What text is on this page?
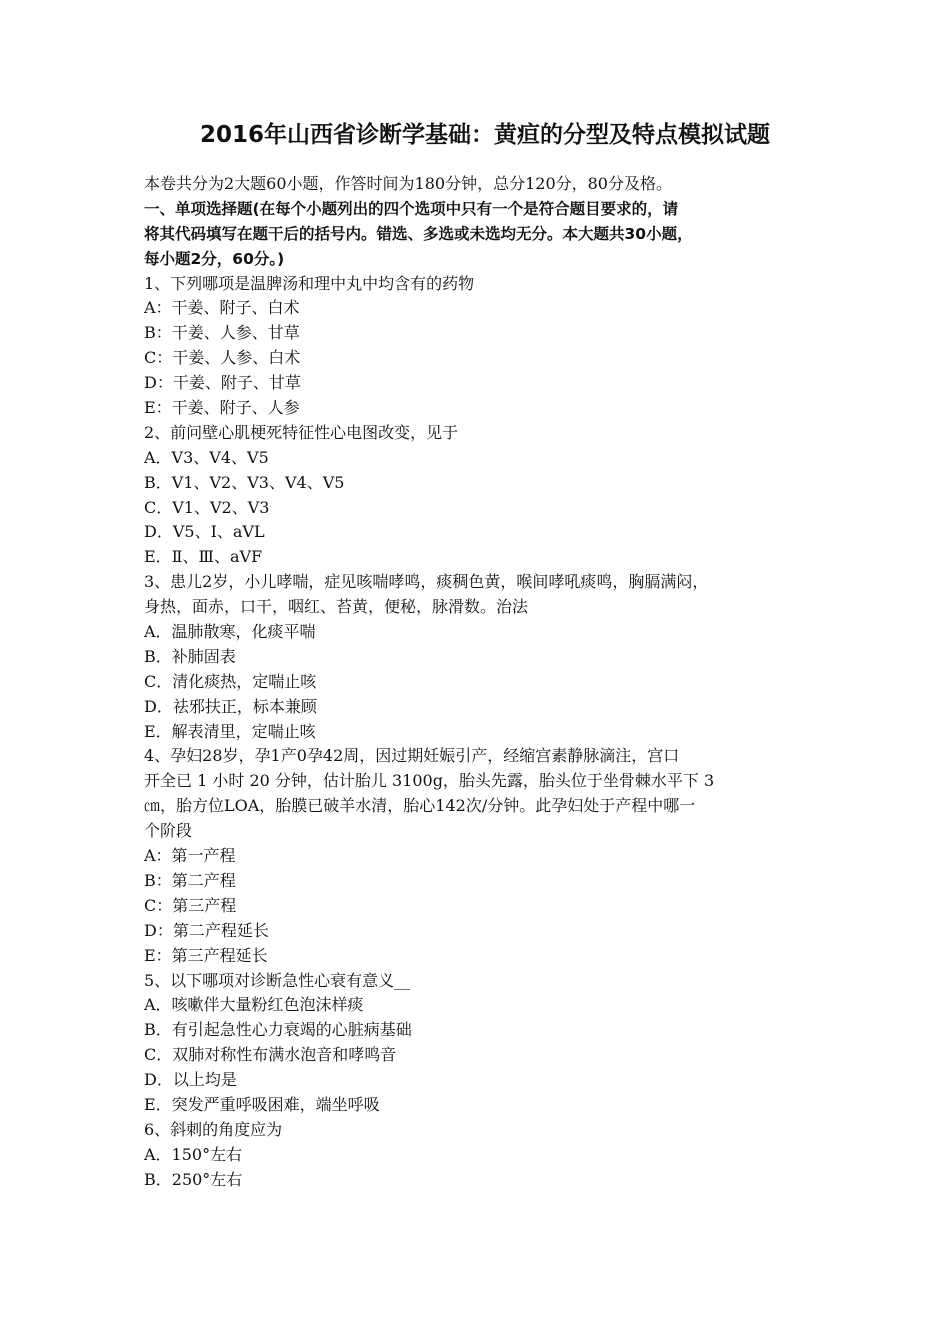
2016年山西省诊断学基础：黄疸的分型及特点模拟试题
本卷共分为2大题60小题，作答时间为180分钟，总分120分，80分及格。
一、单项选择题(在每个小题列出的四个选项中只有一个是符合题目要求的，请
将其代码填写在题干后的括号内。错选、多选或未选均无分。本大题共30小题，
每小题2分，60分。)
1、下列哪项是温脾汤和理中丸中均含有的药物
A：干姜、附子、白术
B：干姜、人参、甘草
C：干姜、人参、白术
D：干姜、附子、甘草
E：干姜、附子、人参
2、前问壁心肌梗死特征性心电图改变，见于
A．Ⅴ3、Ⅴ4、Ⅴ5
B．Ⅴ1、Ⅴ2、Ⅴ3、Ⅴ4、Ⅴ5
C．Ⅴ1、Ⅴ2、Ⅴ3
D．Ⅴ5、Ⅰ、aⅤL
E．Ⅱ、Ⅲ、aⅤF
3、患儿2岁，小儿哮喘，症见咳喘哮鸣，痰稠色黄，喉间哮吼痰鸣，胸膈满闷，
身热，面赤，口干，咽红、苔黄，便秘，脉滑数。治法
A．温肺散寒，化痰平喘
B．补肺固表
C．清化痰热，定喘止咳
D．祛邪扶正，标本兼顾
E．解表清里，定喘止咳
4、孕妇28岁，孕1产0孕42周，因过期妊娠引产，经缩宫素静脉滴注，宫口
开全已 1 小时 20 分钟，估计胎儿 3100g，胎头先露，胎头位于坐骨棘水平下 3
㎝，胎方位LOA，胎膜已破羊水清，胎心142次/分钟。此孕妇处于产程中哪一
个阶段
A：第一产程
B：第二产程
C：第三产程
D：第二产程延长
E：第三产程延长
5、以下哪项对诊断急性心衰有意义__
A．咳嗽伴大量粉红色泡沫样痰
B．有引起急性心力衰竭的心脏病基础
C．双肺对称性布满水泡音和哮鸣音
D．以上均是
E．突发严重呼吸困难，端坐呼吸
6、斜刺的角度应为
A．150°左右
B．250°左右
